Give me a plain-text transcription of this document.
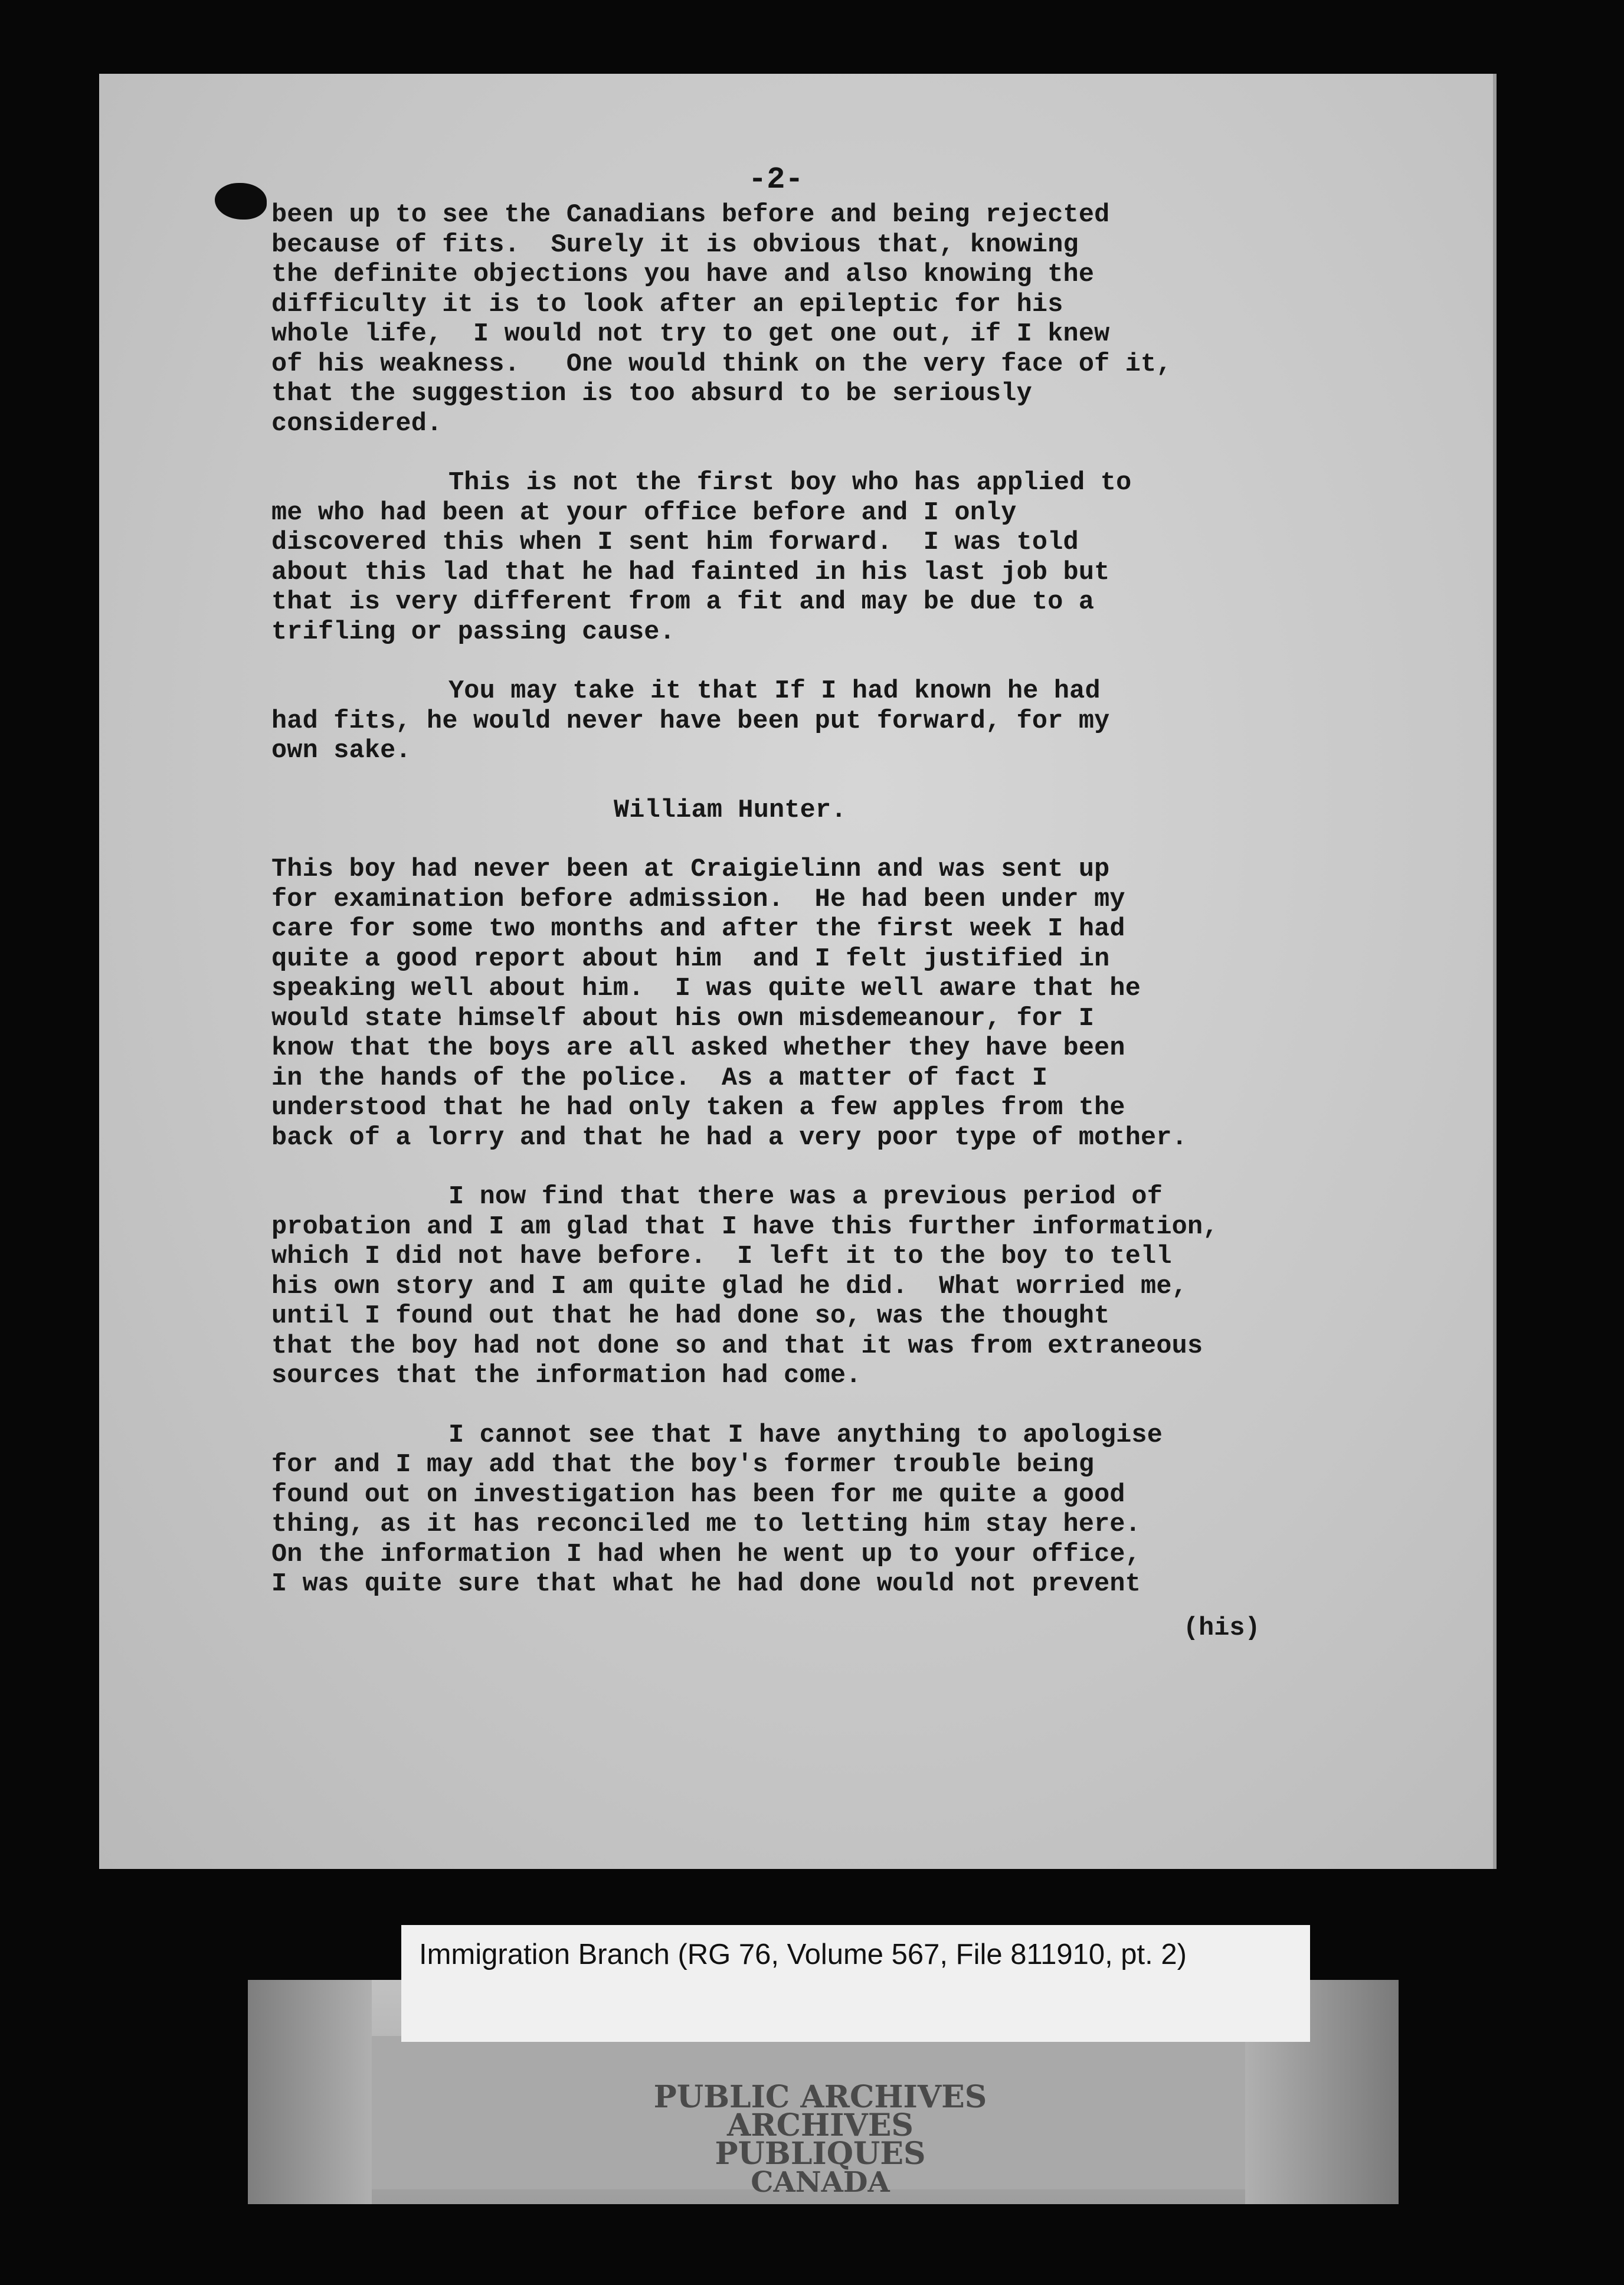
-2-
been up to see the Canadians before and being rejected
because of fits.  Surely it is obvious that, knowing
the definite objections you have and also knowing the
difficulty it is to look after an epileptic for his
whole life,  I would not try to get one out, if I knew
of his weakness.   One would think on the very face of it,
that the suggestion is too absurd to be seriously
considered.
This is not the first boy who has applied to
me who had been at your office before and I only
discovered this when I sent him forward.  I was told
about this lad that he had fainted in his last job but
that is very different from a fit and may be due to a
trifling or passing cause.
You may take it that If I had known he had
had fits, he would never have been put forward, for my
own sake.
William Hunter.
This boy had never been at Craigielinn and was sent up
for examination before admission.  He had been under my
care for some two months and after the first week I had
quite a good report about him  and I felt justified in
speaking well about him.  I was quite well aware that he
would state himself about his own misdemeanour, for I
know that the boys are all asked whether they have been
in the hands of the police.  As a matter of fact I
understood that he had only taken a few apples from the
back of a lorry and that he had a very poor type of mother.
I now find that there was a previous period of
probation and I am glad that I have this further information,
which I did not have before.  I left it to the boy to tell
his own story and I am quite glad he did.  What worried me,
until I found out that he had done so, was the thought
that the boy had not done so and that it was from extraneous
sources that the information had come.
I cannot see that I have anything to apologise
for and I may add that the boy's former trouble being
found out on investigation has been for me quite a good
thing, as it has reconciled me to letting him stay here.
On the information I had when he went up to your office,
I was quite sure that what he had done would not prevent
(his)
Immigration Branch (RG 76, Volume 567, File 811910, pt. 2)
PUBLIC ARCHIVES
ARCHIVES PUBLIQUES
CANADA
